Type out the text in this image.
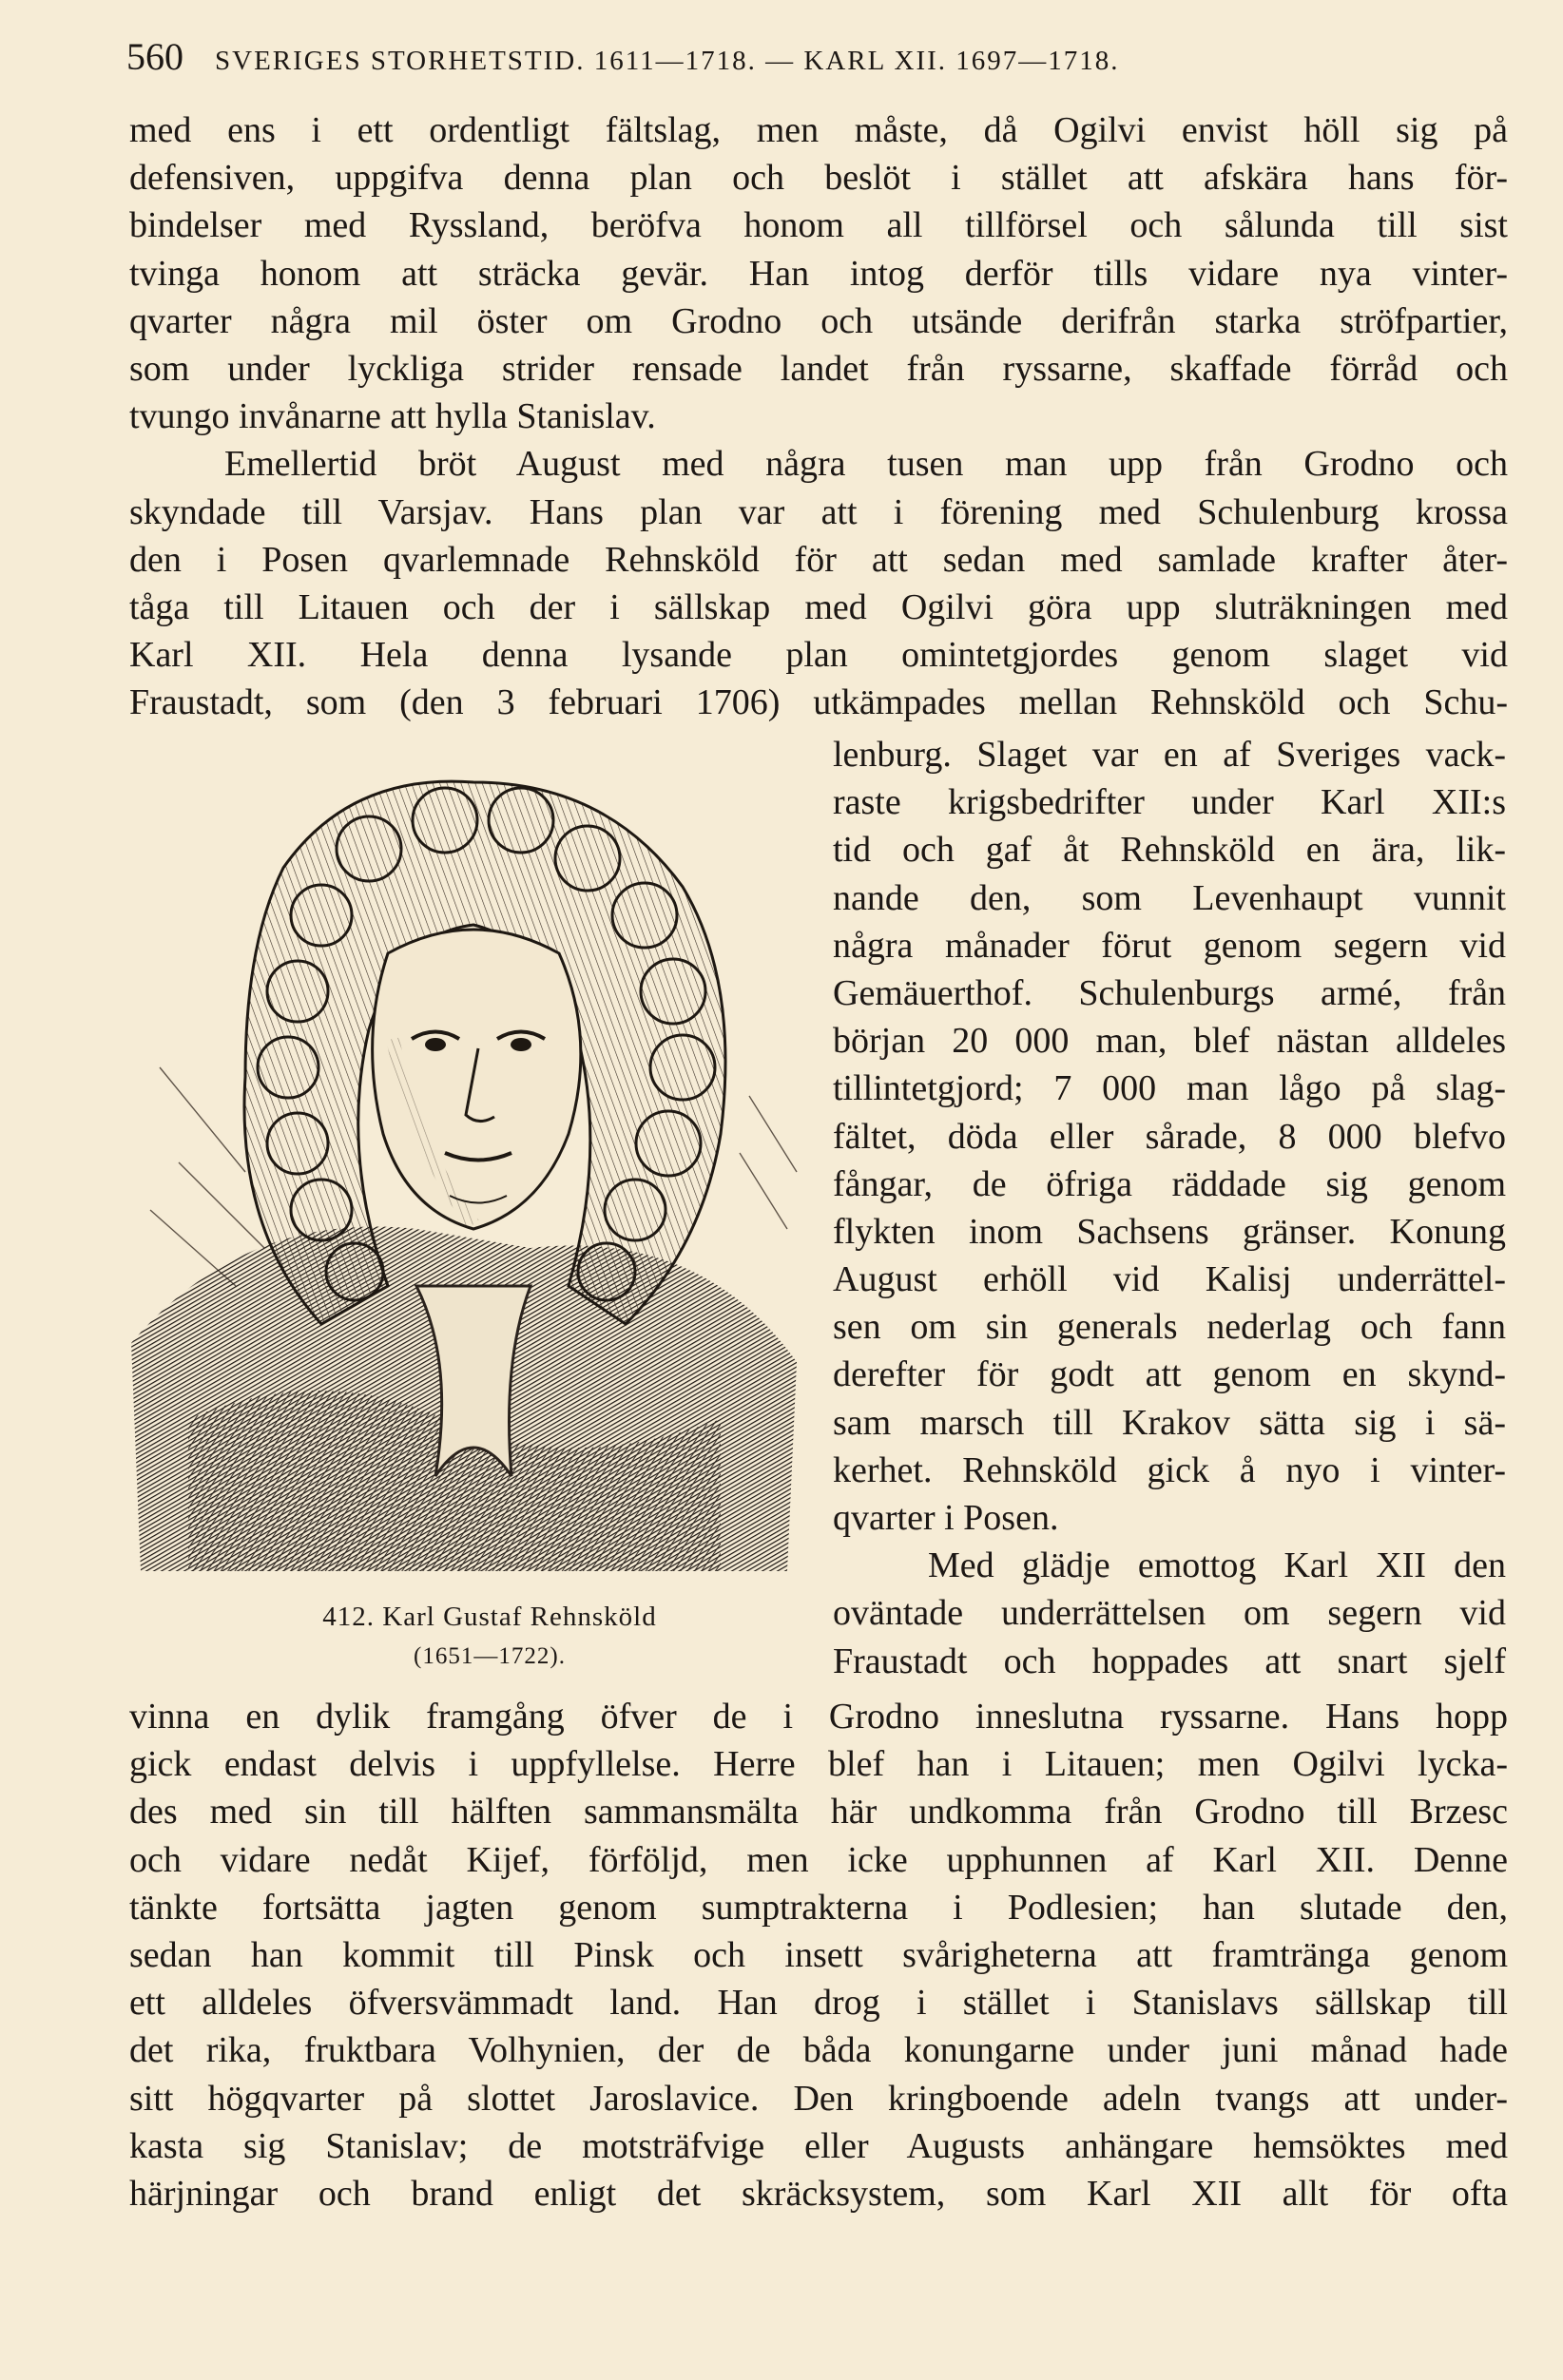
560 SVERIGES STORHETSTID. 1611—1718. — KARL XII. 1697—1718.
med ens i ett ordentligt fältslag, men måste, då Ogilvi envist höll sig på
defensiven, uppgifva denna plan och beslöt i stället att afskära hans för-
bindelser med Ryssland, beröfva honom all tillförsel och sålunda till sist
tvinga honom att sträcka gevär. Han intog derför tills vidare nya vinter-
qvarter några mil öster om Grodno och utsände derifrån starka ströfpartier,
som under lyckliga strider rensade landet från ryssarne, skaffade förråd och
tvungo invånarne att hylla Stanislav.
Emellertid bröt August med några tusen man upp från Grodno och
skyndade till Varsjav. Hans plan var att i förening med Schulenburg krossa
den i Posen qvarlemnade Rehnsköld för att sedan med samlade krafter åter-
tåga till Litauen och der i sällskap med Ogilvi göra upp sluträkningen med
Karl XII. Hela denna lysande plan omintetgjordes genom slaget vid
Fraustadt, som (den 3 februari 1706) utkämpades mellan Rehnsköld och Schu-
lenburg. Slaget var en af Sveriges vack-
raste krigsbedrifter under Karl XII:s
tid och gaf åt Rehnsköld en ära, lik-
nande den, som Levenhaupt vunnit
några månader förut genom segern vid
Gemäuerthof. Schulenburgs armé, från
början 20 000 man, blef nästan alldeles
tillintetgjord; 7 000 man lågo på slag-
fältet, döda eller sårade, 8 000 blefvo
fångar, de öfriga räddade sig genom
flykten inom Sachsens gränser. Konung
August erhöll vid Kalisj underrättel-
sen om sin generals nederlag och fann
derefter för godt att genom en skynd-
sam marsch till Krakov sätta sig i sä-
kerhet. Rehnsköld gick å nyo i vinter-
qvarter i Posen.
Med glädje emottog Karl XII den
oväntade underrättelsen om segern vid
Fraustadt och hoppades att snart sjelf
412. Karl Gustaf Rehnsköld
(1651—1722).
vinna en dylik framgång öfver de i Grodno inneslutna ryssarne. Hans hopp
gick endast delvis i uppfyllelse. Herre blef han i Litauen; men Ogilvi lycka-
des med sin till hälften sammansmälta här undkomma från Grodno till Brzesc
och vidare nedåt Kijef, förföljd, men icke upphunnen af Karl XII. Denne
tänkte fortsätta jagten genom sumptrakterna i Podlesien; han slutade den,
sedan han kommit till Pinsk och insett svårigheterna att framtränga genom
ett alldeles öfversvämmadt land. Han drog i stället i Stanislavs sällskap till
det rika, fruktbara Volhynien, der de båda konungarne under juni månad hade
sitt högqvarter på slottet Jaroslavice. Den kringboende adeln tvangs att under-
kasta sig Stanislav; de motsträfvige eller Augusts anhängare hemsöktes med
härjningar och brand enligt det skräcksystem, som Karl XII allt för ofta
